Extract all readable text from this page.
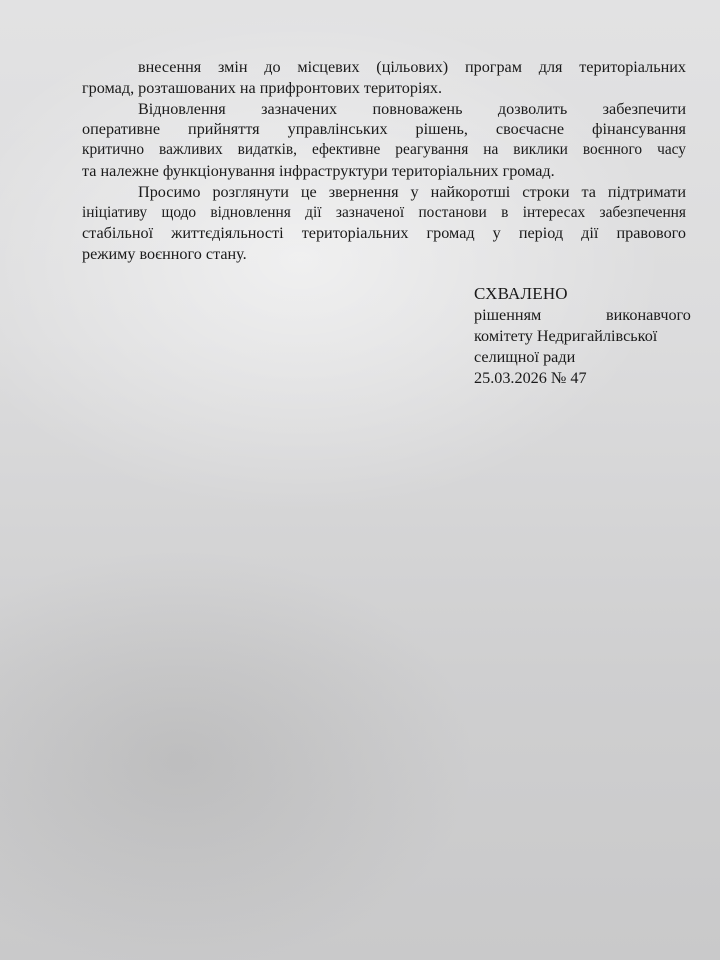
внесення змін до місцевих (цільових) програм для територіальних
громад, розташованих на прифронтових територіях.
Відновлення зазначених повноважень дозволить забезпечити
оперативне прийняття управлінських рішень, своєчасне фінансування
критично важливих видатків, ефективне реагування на виклики воєнного часу
та належне функціонування інфраструктури територіальних громад.
Просимо розглянути це звернення у найкоротші строки та підтримати
ініціативу щодо відновлення дії зазначеної постанови в інтересах забезпечення
стабільної життєдіяльності територіальних громад у період дії правового
режиму воєнного стану.
СХВАЛЕНО
рішенням                виконавчого
комітету Недригайлівської
селищної ради
25.03.2026 № 47
